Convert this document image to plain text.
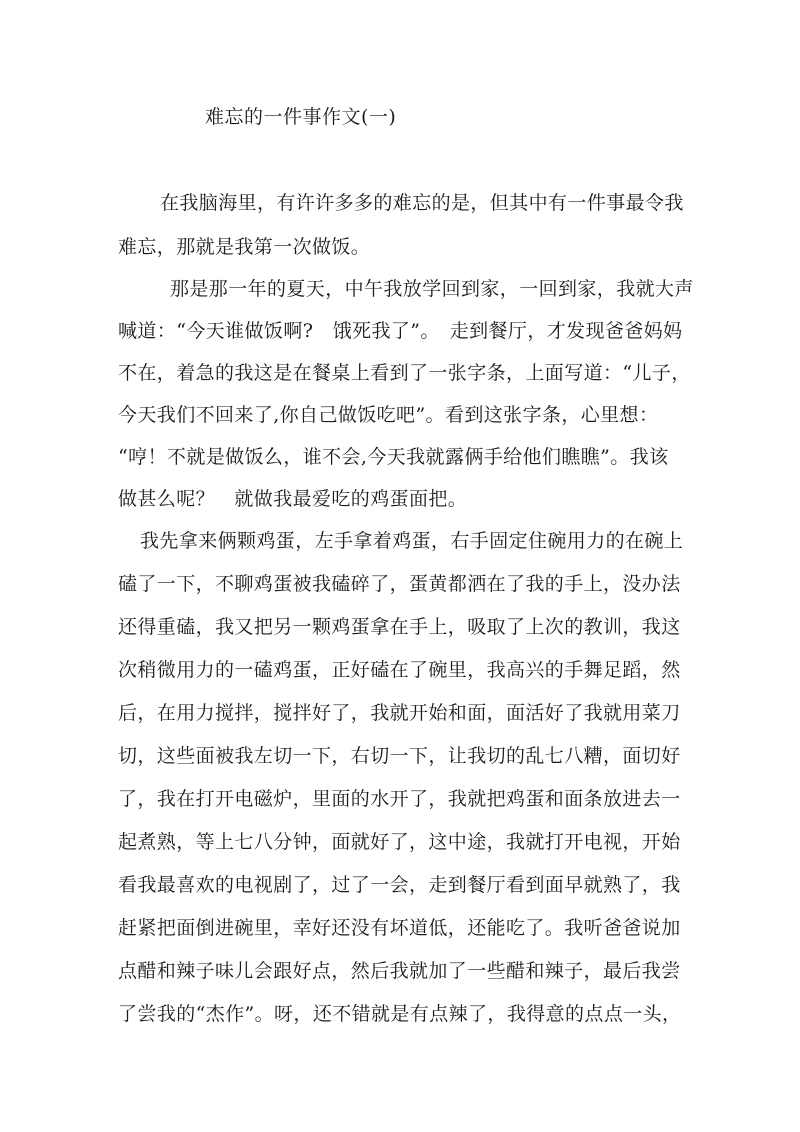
难忘的一件事作文(一)
在我脑海里，有许许多多的难忘的是，但其中有一件事最令我
难忘，那就是我第一次做饭。
那是那一年的夏天，中午我放学回到家，一回到家，我就大声
喊道：“今天谁做饭啊?　饿死我了”。　走到餐厅，才发现爸爸妈妈
不在，着急的我这是在餐桌上看到了一张字条，上面写道：“儿子，
今天我们不回来了,你自己做饭吃吧”。看到这张字条，心里想：
“哼！不就是做饭么，谁不会,今天我就露俩手给他们瞧瞧”。我该
做甚么呢？　就做我最爱吃的鸡蛋面把。
我先拿来俩颗鸡蛋，左手拿着鸡蛋，右手固定住碗用力的在碗上
磕了一下，不聊鸡蛋被我磕碎了，蛋黄都洒在了我的手上，没办法
还得重磕，我又把另一颗鸡蛋拿在手上，吸取了上次的教训，我这
次稍微用力的一磕鸡蛋，正好磕在了碗里，我高兴的手舞足蹈，然
后，在用力搅拌，搅拌好了，我就开始和面，面活好了我就用菜刀
切，这些面被我左切一下，右切一下，让我切的乱七八糟，面切好
了，我在打开电磁炉，里面的水开了，我就把鸡蛋和面条放进去一
起煮熟，等上七八分钟，面就好了，这中途，我就打开电视，开始
看我最喜欢的电视剧了，过了一会，走到餐厅看到面早就熟了，我
赶紧把面倒进碗里，幸好还没有坏道低，还能吃了。我听爸爸说加
点醋和辣子味儿会跟好点，然后我就加了一些醋和辣子，最后我尝
了尝我的“杰作”。呀，还不错就是有点辣了，我得意的点点一头，
